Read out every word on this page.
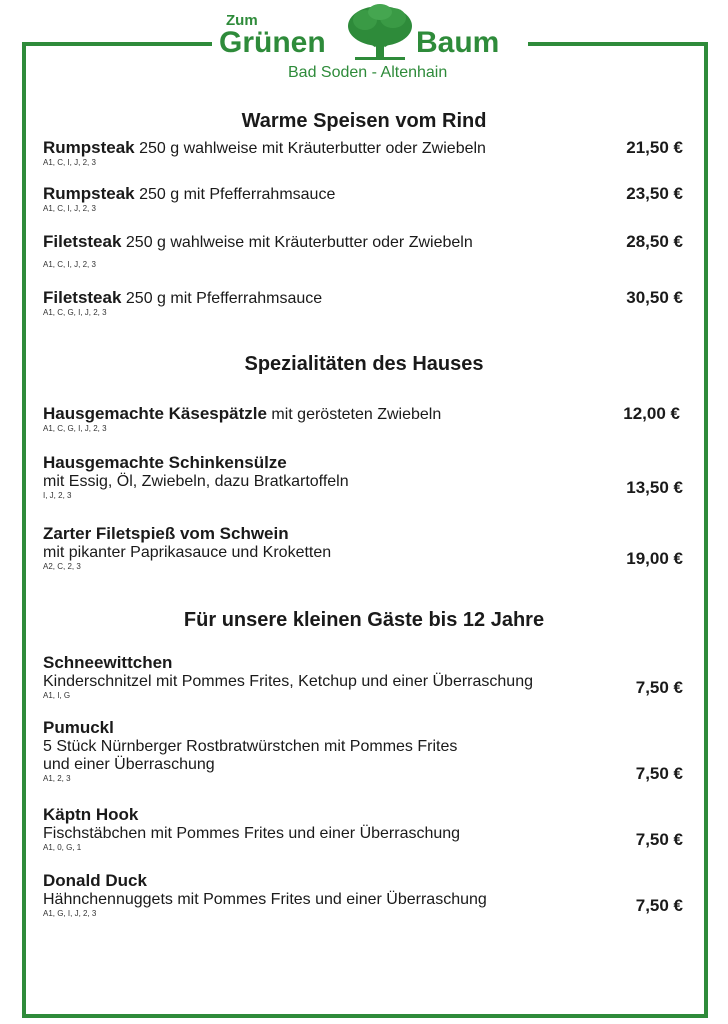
Zum
Grünen	Baum
Bad Soden - Altenhain
Warme Speisen vom Rind
Rumpsteak 250 g wahlweise mit Kräuterbutter oder Zwiebeln
A1, C, I, J, 2, 3
21,50 €
Rumpsteak 250 g mit Pfefferrahmsauce
A1, C, I, J, 2, 3
23,50 €
Filetsteak 250 g wahlweise mit Kräuterbutter oder Zwiebeln
A1, C, I, J, 2, 3
28,50 €
Filetsteak 250 g mit Pfefferrahmsauce
A1, C, G, I, J, 2, 3
30,50 €
Spezialitäten des Hauses
Hausgemachte Käsespätzle mit gerösteten Zwiebeln
A1, C, G, I, J, 2, 3
12,00 €
Hausgemachte Schinkensülze
mit Essig, Öl, Zwiebeln, dazu Bratkartoffeln
I, J, 2, 3	13,50 €
Zarter Filetspieß vom Schwein
mit pikanter Paprikasauce und Kroketten
A2, C, 2, 3	19,00 €
Für unsere kleinen Gäste bis 12 Jahre
Schneewittchen
Kinderschnitzel mit Pommes Frites, Ketchup und einer Überraschung
A1, I, G	7,50 €
Pumuckl
5 Stück Nürnberger Rostbratwürstchen mit Pommes Frites
und einer Überraschung
A1, 2, 3	7,50 €
Käptn Hook
Fischstäbchen mit Pommes Frites und einer Überraschung
A1, 0, G, 1	7,50 €
Donald Duck
Hähnchennuggets mit Pommes Frites und einer Überraschung
A1, G, I, J, 2, 3	7,50 €
